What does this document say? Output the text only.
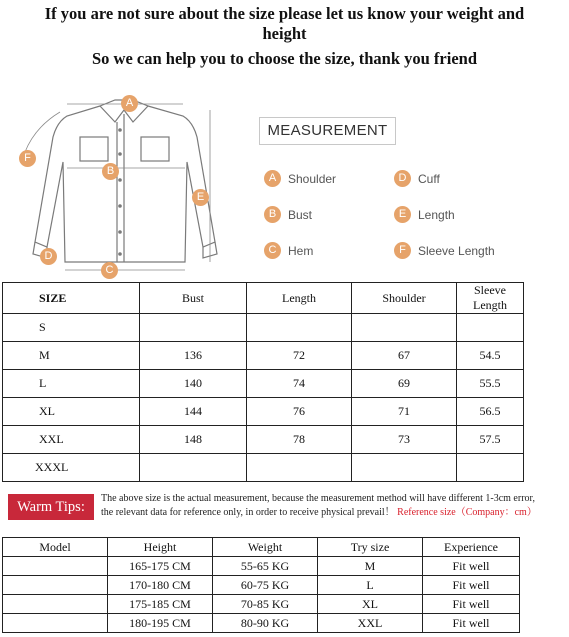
If you are not sure about the size please let us know your weight and
height
So we can help you to choose the size, thank you friend
A
B
C
D
E
F
MEASUREMENT
A Shoulder	D Cuff
B Bust	E Length
C Hem	F	Sleeve Length
SIZE	Bust	Length	Shoulder	Sleeve Length
S				
M	136	72	67	54.5
L	140	74	69	55.5
XL	144	76	71	56.5
XXL	148	78	73	57.5
XXXL				
Warm Tips:
The above size is the actual measurement, because the measurement method will have different 1-3cm error,
the relevant data for reference only, in order to receive physical prevail！ Reference size（Company：cm）
Model	Height	Weight	Try size	Experience
	165-175 CM	55-65 KG	M	Fit well
	170-180 CM	60-75 KG	L	Fit well
	175-185 CM	70-85 KG	XL	Fit well
	180-195 CM	80-90 KG	XXL	Fit well
